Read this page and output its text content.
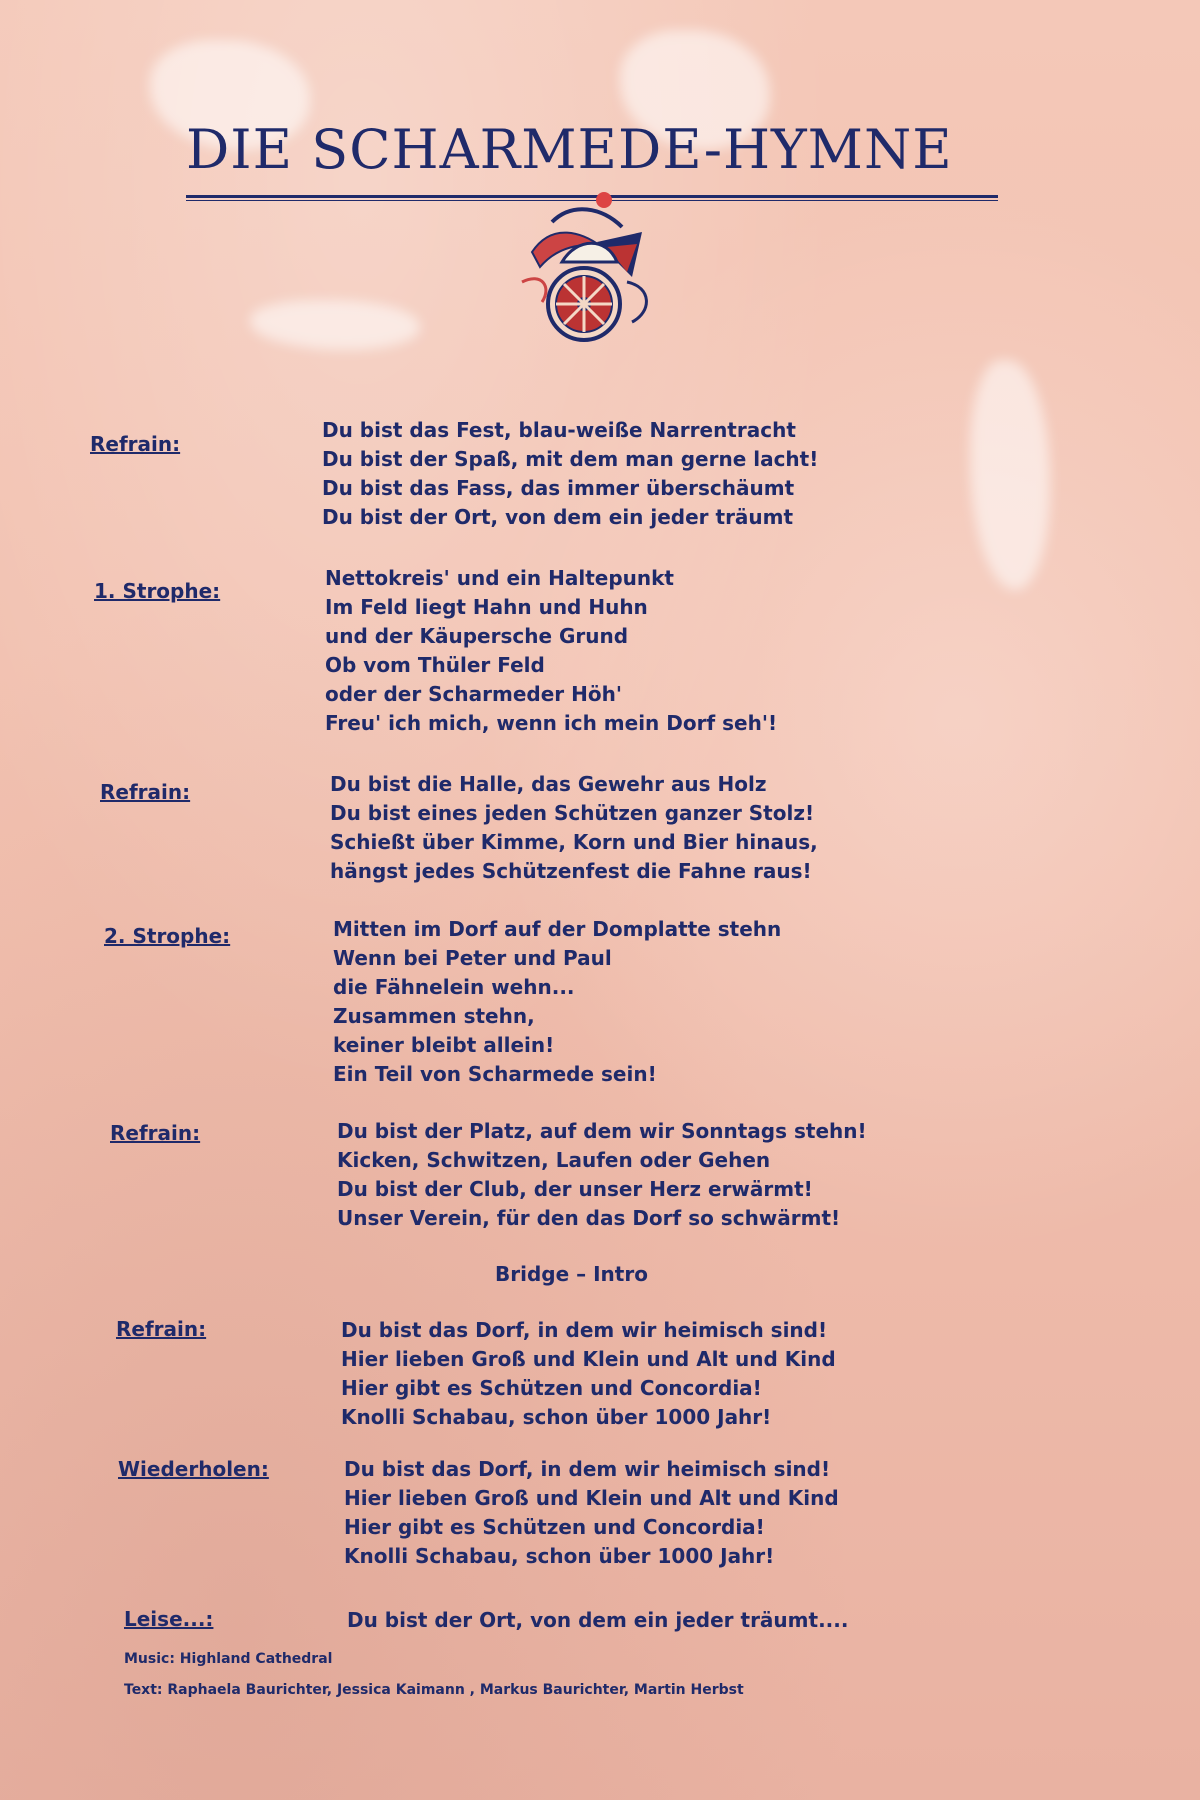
DIE SCHARMEDE-HYMNE
Refrain:
Du bist das Fest, blau-weiße Narrentracht
Du bist der Spaß, mit dem man gerne lacht!
Du bist das Fass, das immer überschäumt
Du bist der Ort, von dem ein jeder träumt
1. Strophe:
Nettokreis' und ein Haltepunkt
Im Feld liegt Hahn und Huhn
und der Käupersche Grund
Ob vom Thüler Feld
oder der Scharmeder Höh'
Freu' ich mich, wenn ich mein Dorf seh'!
Refrain:	Du bist die Halle, das Gewehr aus Holz
Du bist eines jeden Schützen ganzer Stolz!
Schießt über Kimme, Korn und Bier hinaus,
hängst jedes Schützenfest die Fahne raus!
2. Strophe:	Mitten im Dorf auf der Domplatte stehn
Wenn bei Peter und Paul
die Fähnelein wehn...
Zusammen stehn,
keiner bleibt allein!
Ein Teil von Scharmede sein!
Refrain:	Du bist der Platz, auf dem wir Sonntags stehn!
Kicken, Schwitzen, Laufen oder Gehen
Du bist der Club, der unser Herz erwärmt!
Unser Verein, für den das Dorf so schwärmt!
Bridge – Intro
Refrain:	Du bist das Dorf, in dem wir heimisch sind!
Hier lieben Groß und Klein und Alt und Kind
Hier gibt es Schützen und Concordia!
Knolli Schabau, schon über 1000 Jahr!
Wiederholen:	Du bist das Dorf, in dem wir heimisch sind!
Hier lieben Groß und Klein und Alt und Kind
Hier gibt es Schützen und Concordia!
Knolli Schabau, schon über 1000 Jahr!
Leise...:	Du bist der Ort, von dem ein jeder träumt....
Music: Highland Cathedral
Text: Raphaela Baurichter, Jessica Kaimann , Markus Baurichter, Martin Herbst
